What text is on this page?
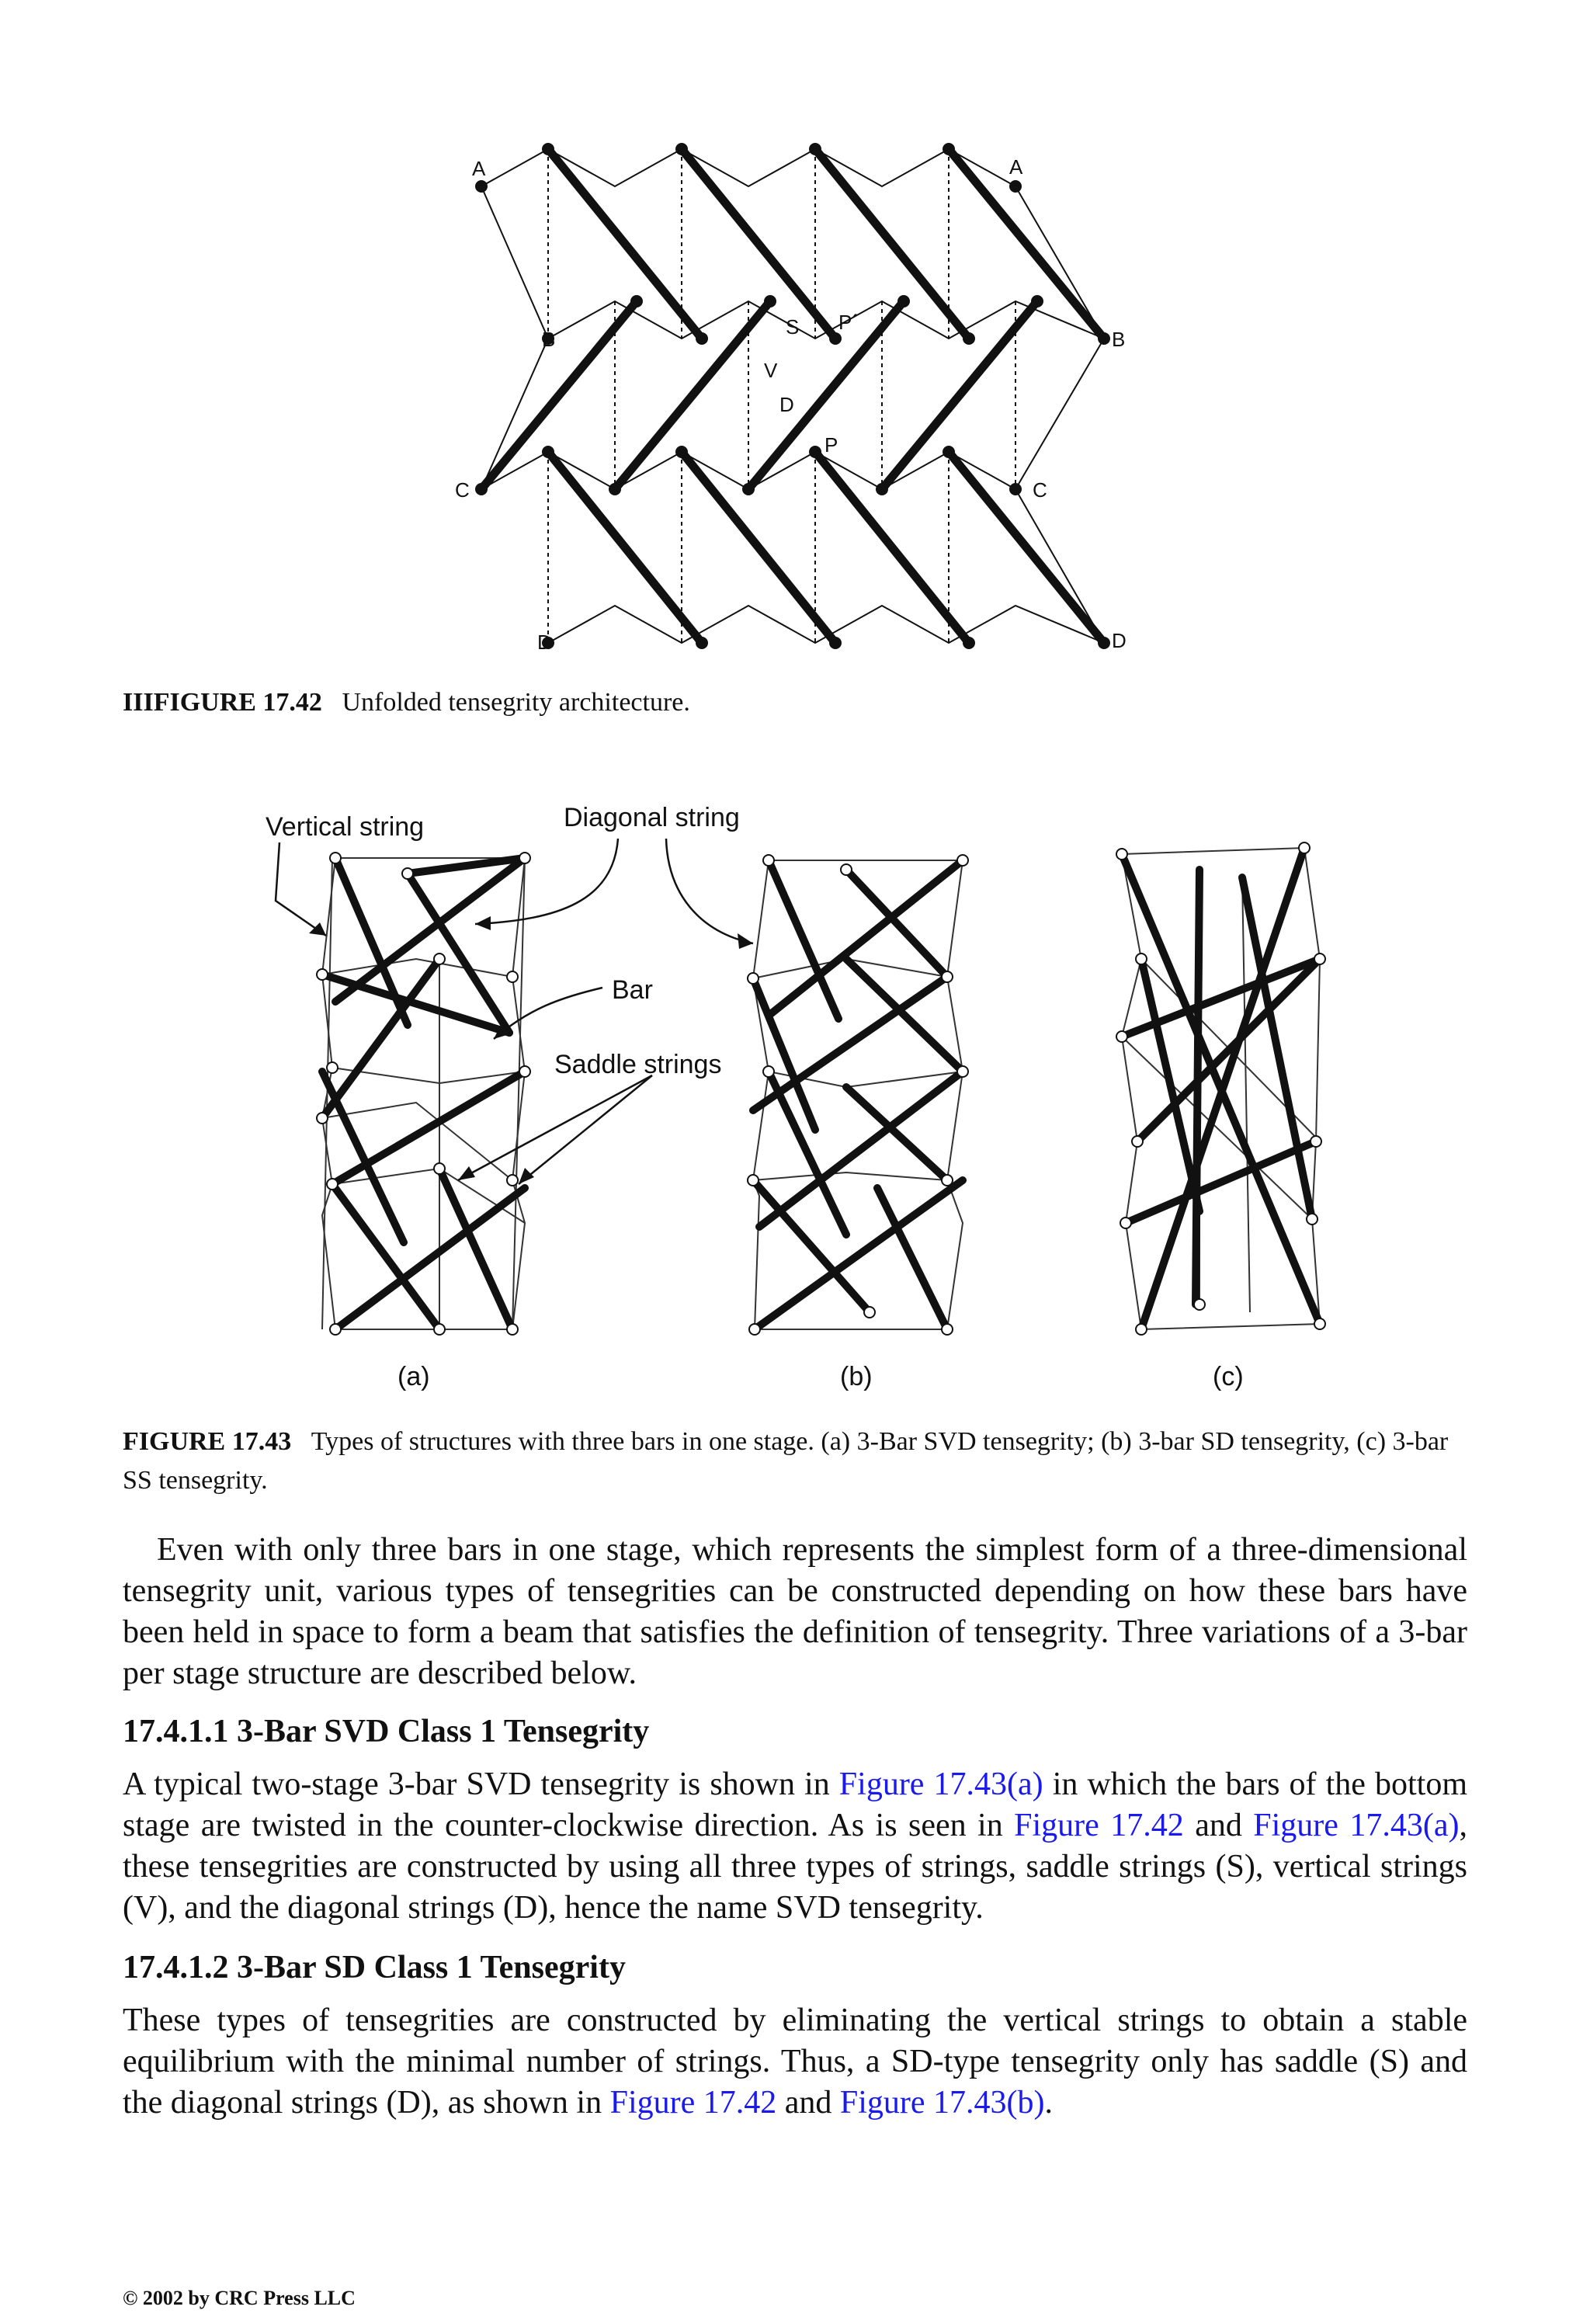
A	A
B	B
C	C
D	D
S P´
V
D
P
IIIFIGURE 17.42 Unfolded tensegrity architecture.
Vertical string	Diagonal string
Bar
Saddle strings
(a)	(b)	(c)
FIGURE 17.43 Types of structures with three bars in one stage. (a) 3-Bar SVD tensegrity; (b) 3-bar SD tensegrity, (c) 3-bar SS tensegrity.
Even with only three bars in one stage, which represents the simplest form of a three-dimensional tensegrity unit, various types of tensegrities can be constructed depending on how these bars have been held in space to form a beam that satisfies the definition of tensegrity. Three variations of a 3-bar per stage structure are described below.
17.4.1.1 3-Bar SVD Class 1 Tensegrity
A typical two-stage 3-bar SVD tensegrity is shown in Figure 17.43(a) in which the bars of the bottom stage are twisted in the counter-clockwise direction. As is seen in Figure 17.42 and Figure 17.43(a), these tensegrities are constructed by using all three types of strings, saddle strings (S), vertical strings (V), and the diagonal strings (D), hence the name SVD tensegrity.
17.4.1.2 3-Bar SD Class 1 Tensegrity
These types of tensegrities are constructed by eliminating the vertical strings to obtain a stable equilibrium with the minimal number of strings. Thus, a SD-type tensegrity only has saddle (S) and the diagonal strings (D), as shown in Figure 17.42 and Figure 17.43(b).
© 2002 by CRC Press LLC
